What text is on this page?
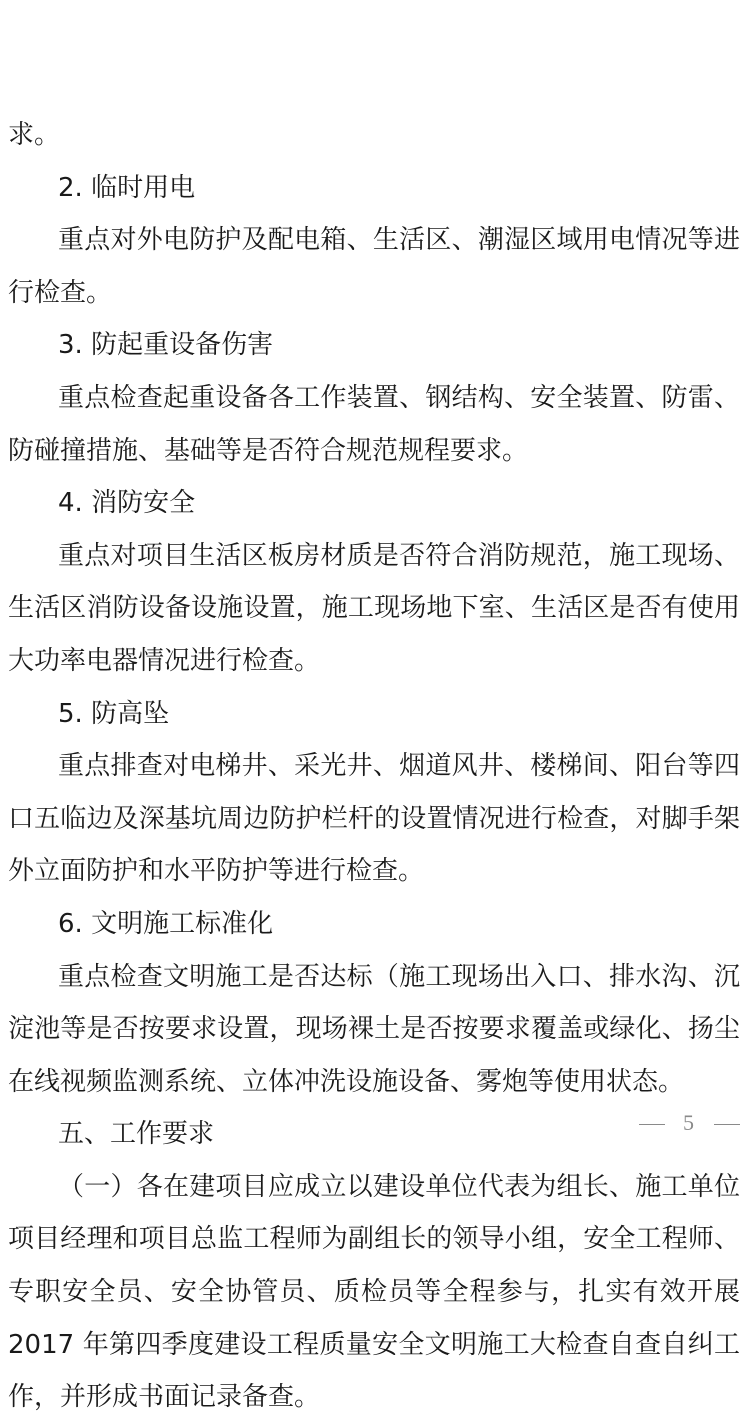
求。
2. 临时用电
重点对外电防护及配电箱、生活区、潮湿区域用电情况等进
行检查。
3. 防起重设备伤害
重点检查起重设备各工作装置、钢结构、安全装置、防雷、
防碰撞措施、基础等是否符合规范规程要求。
4. 消防安全
重点对项目生活区板房材质是否符合消防规范，施工现场、
生活区消防设备设施设置，施工现场地下室、生活区是否有使用
大功率电器情况进行检查。
5. 防高坠
重点排查对电梯井、采光井、烟道风井、楼梯间、阳台等四
口五临边及深基坑周边防护栏杆的设置情况进行检查，对脚手架
外立面防护和水平防护等进行检查。
6. 文明施工标准化
重点检查文明施工是否达标（施工现场出入口、排水沟、沉
淀池等是否按要求设置，现场裸土是否按要求覆盖或绿化、扬尘
在线视频监测系统、立体冲洗设施设备、雾炮等使用状态。
五、工作要求
（一）各在建项目应成立以建设单位代表为组长、施工单位
项目经理和项目总监工程师为副组长的领导小组，安全工程师、
专职安全员、安全协管员、质检员等全程参与，扎实有效开展
2017 年第四季度建设工程质量安全文明施工大检查自查自纠工
作，并形成书面记录备查。
5
